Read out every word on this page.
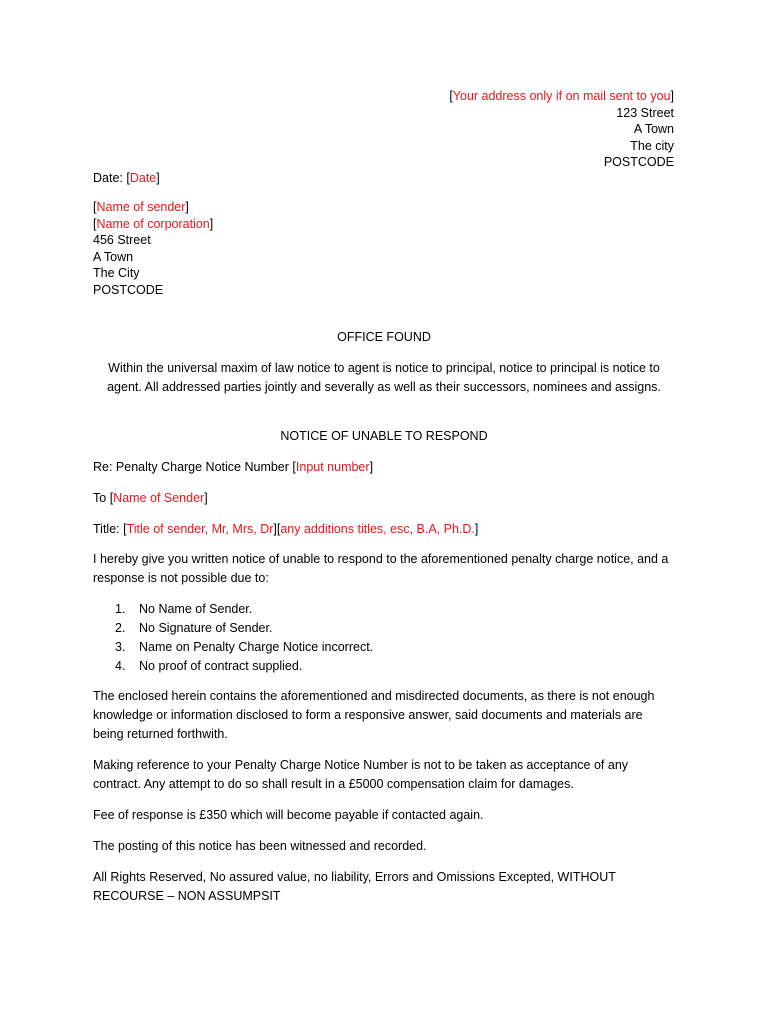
[Your address only if on mail sent to you]
123 Street
A Town
The city
POSTCODE
Date: [Date]
[Name of sender]
[Name of corporation]
456 Street
A Town
The City
POSTCODE
OFFICE FOUND
Within the universal maxim of law notice to agent is notice to principal, notice to principal is notice to agent. All addressed parties jointly and severally as well as their successors, nominees and assigns.
NOTICE OF UNABLE TO RESPOND
Re: Penalty Charge Notice Number [Input number]
To [Name of Sender]
Title: [Title of sender, Mr, Mrs, Dr][any additions titles, esc, B.A, Ph.D.]
I hereby give you written notice of unable to respond to the aforementioned penalty charge notice, and a response is not possible due to:
1. No Name of Sender.
2. No Signature of Sender.
3. Name on Penalty Charge Notice incorrect.
4. No proof of contract supplied.
The enclosed herein contains the aforementioned and misdirected documents, as there is not enough knowledge or information disclosed to form a responsive answer, said documents and materials are being returned forthwith.
Making reference to your Penalty Charge Notice Number is not to be taken as acceptance of any contract. Any attempt to do so shall result in a £5000 compensation claim for damages.
Fee of response is £350 which will become payable if contacted again.
The posting of this notice has been witnessed and recorded.
All Rights Reserved, No assured value, no liability, Errors and Omissions Excepted, WITHOUT RECOURSE – NON ASSUMPSIT
